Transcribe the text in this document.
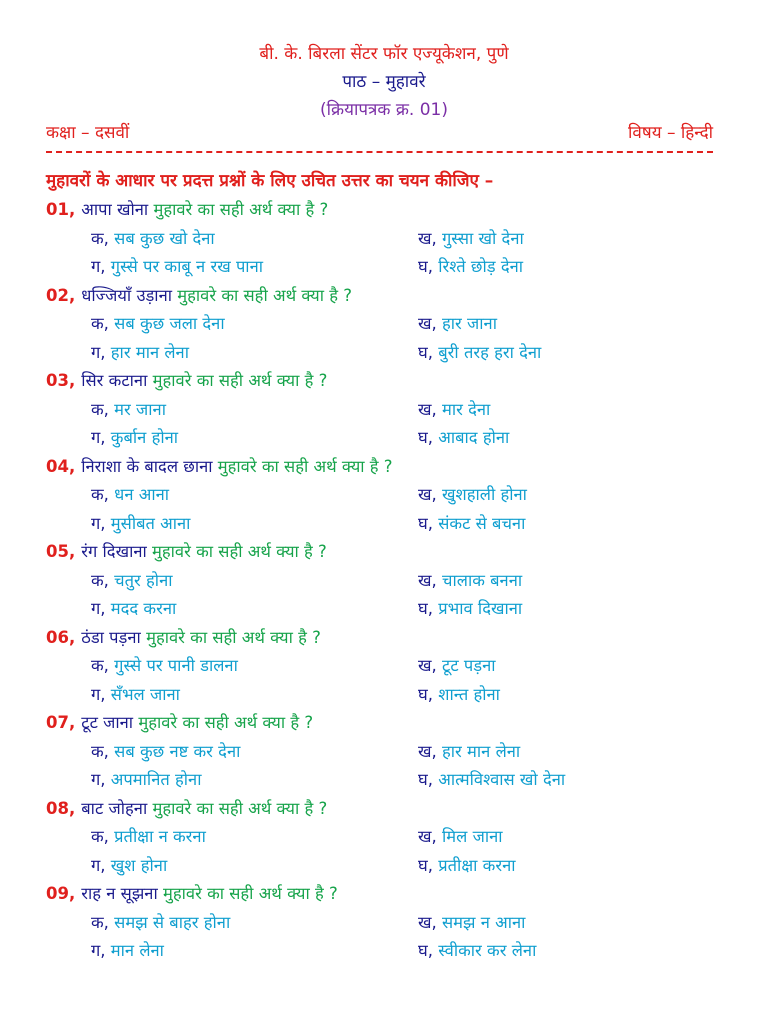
बी. के. बिरला सेंटर फॉर एज्यूकेशन, पुणे
पाठ – मुहावरे
(क्रियापत्रक क्र. 01)
कक्षा – दसवीं	विषय – हिन्दी
मुहावरों के आधार पर प्रदत्त प्रश्नों के लिए उचित उत्तर का चयन कीजिए –
01, आपा खोना मुहावरे का सही अर्थ क्या है ?
क, सब कुछ खो देना	ख, गुस्सा खो देना
ग, गुस्से पर काबू न रख पाना	घ, रिश्ते छोड़ देना
02, धज्जियाँ उड़ाना मुहावरे का सही अर्थ क्या है ?
क, सब कुछ जला देना	ख, हार जाना
ग, हार मान लेना	घ, बुरी तरह हरा देना
03, सिर कटाना मुहावरे का सही अर्थ क्या है ?
क, मर जाना	ख, मार देना
ग, कुर्बान होना	घ, आबाद होना
04, निराशा के बादल छाना मुहावरे का सही अर्थ क्या है ?
क, धन आना	ख, खुशहाली होना
ग, मुसीबत आना	घ, संकट से बचना
05, रंग दिखाना मुहावरे का सही अर्थ क्या है ?
क, चतुर होना	ख, चालाक बनना
ग, मदद करना	घ, प्रभाव दिखाना
06, ठंडा पड़ना मुहावरे का सही अर्थ क्या है ?
क, गुस्से पर पानी डालना	ख, टूट पड़ना
ग, सँभल जाना	घ, शान्त होना
07, टूट जाना मुहावरे का सही अर्थ क्या है ?
क, सब कुछ नष्ट कर देना	ख, हार मान लेना
ग, अपमानित होना	घ, आत्मविश्वास खो देना
08, बाट जोहना मुहावरे का सही अर्थ क्या है ?
क, प्रतीक्षा न करना	ख, मिल जाना
ग, खुश होना	घ, प्रतीक्षा करना
09, राह न सूझना मुहावरे का सही अर्थ क्या है ?
क, समझ से बाहर होना	ख, समझ न आना
ग, मान लेना	घ, स्वीकार कर लेना
